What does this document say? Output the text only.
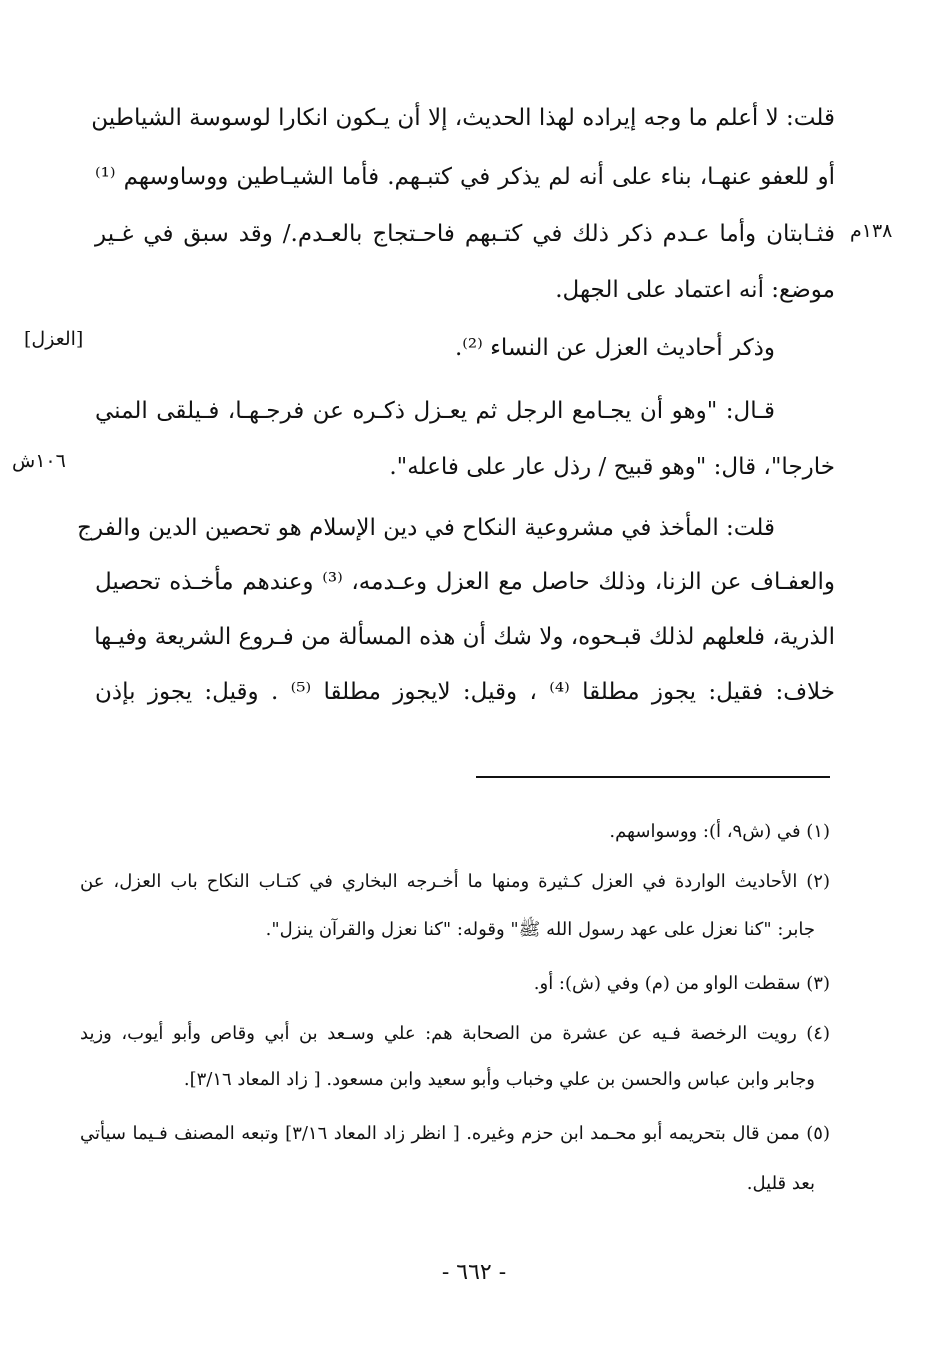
١٣٨م
[العزل]
١٠٦ش
قلت: لا أعلم ما وجه إيراده لهذا الحديث، إلا أن يـكون انكارا لوسوسة الشياطين
أو للعفو عنهـا، بناء على أنه لم يذكر في كتبـهم. فأما الشيـاطين ووساوسهم ⁽¹⁾
فثـابتان وأما عـدم ذكر ذلك في كتـبهم فاحـتجاج بالعـدم./ وقد سبق في غـير
موضع: أنه اعتماد على الجهل.
وذكر أحاديث العزل عن النساء ⁽²⁾.
قـال: "وهو أن يجـامع الرجل ثم يعـزل ذكـره عن فرجـهـا، فـيلقى المني
خارجا"، قال: "وهو قبيح / رذل عار على فاعله".
قلت: المأخذ في مشروعية النكاح في دين الإسلام هو تحصين الدين والفرج
والعفـاف عن الزنا، وذلك حاصل مع العزل وعـدمه، ⁽³⁾ وعندهم مأخـذه تحصيل
الذرية، فلعلهم لذلك قبـحوه، ولا شك أن هذه المسألة من فـروع الشريعة وفيـها
خلاف: فقيل: يجوز مطلقا ⁽⁴⁾ ، وقيل: لايجوز مطلقا ⁽⁵⁾ . وقيل: يجوز بإذن
(١) في (ش٩، أ): ووسواسهم.
(٢) الأحاديث الواردة في العزل كـثيرة ومنها ما أخـرجه البخاري في كتـاب النكاح باب العزل، عن
جابر: "كنا نعزل على عهد رسول الله ﷺ" وقوله: "كنا نعزل والقرآن ينزل".
(٣) سقطت الواو من (م) وفي (ش): أو.
(٤) رويت الرخصة فـيه عن عشرة من الصحابة هم: علي وسـعد بن أبي وقاص وأبو أيوب، وزيد
وجابر وابن عباس والحسن بن علي وخباب وأبو سعيد وابن مسعود. [ زاد المعاد ٣/١٦].
(٥) ممن قال بتحريمه أبو محـمد ابن حزم وغيره. [ انظر زاد المعاد ٣/١٦] وتبعه المصنف فـيما سيأتي
بعد قليل.
- ٦٦٢ -
